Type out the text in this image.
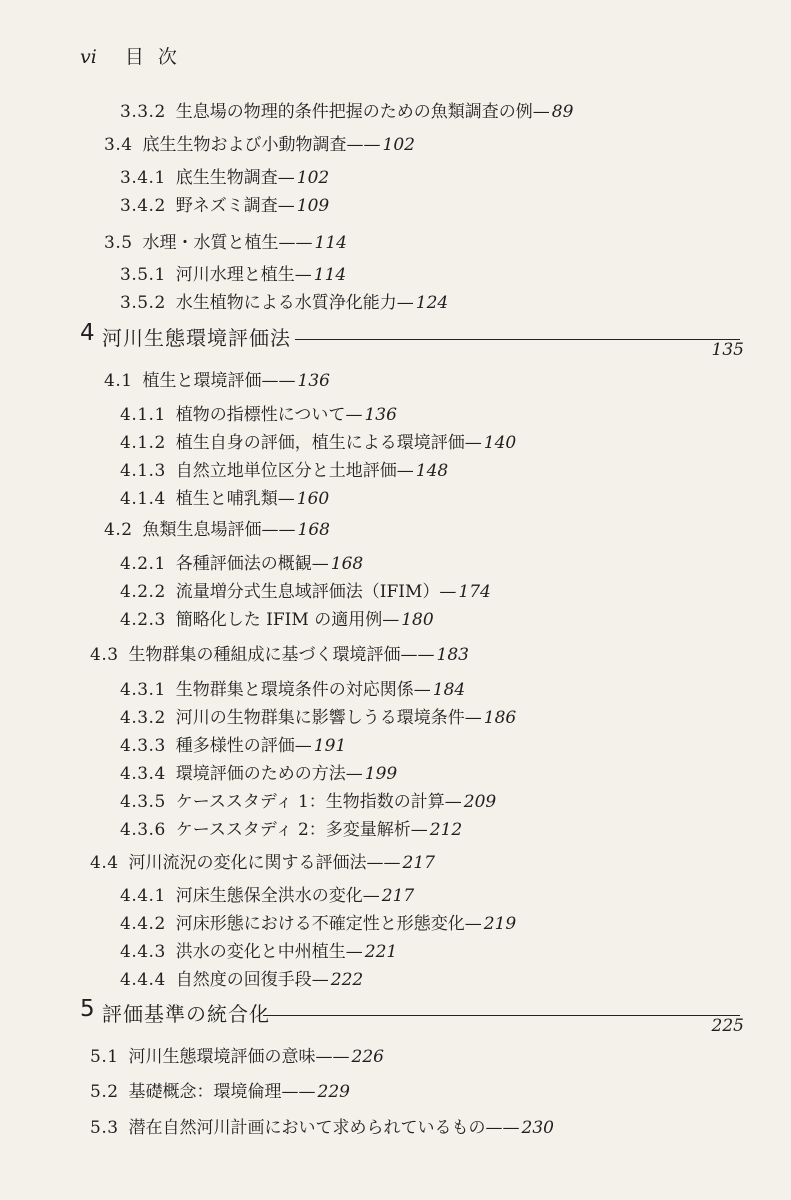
vi 目 次
3.3.2 生息場の物理的条件把握のための魚類調査の例 — 89
3.4 底生生物および小動物調査 —— 102
3.4.1 底生生物調査 — 102
3.4.2 野ネズミ調査 — 109
3.5 水理・水質と植生 —— 114
3.5.1 河川水理と植生 — 114
3.5.2 水生植物による水質浄化能力 — 124
4 河川生態環境評価法	135
4.1 植生と環境評価 —— 136
4.1.1 植物の指標性について — 136
4.1.2 植生自身の評価，植生による環境評価 — 140
4.1.3 自然立地単位区分と土地評価 — 148
4.1.4 植生と哺乳類 — 160
4.2 魚類生息場評価 —— 168
4.2.1 各種評価法の概観 — 168
4.2.2 流量増分式生息域評価法（IFIM） — 174
4.2.3 簡略化した IFIM の適用例 — 180
4.3 生物群集の種組成に基づく環境評価 —— 183
4.3.1 生物群集と環境条件の対応関係 — 184
4.3.2 河川の生物群集に影響しうる環境条件 — 186
4.3.3 種多様性の評価 — 191
4.3.4 環境評価のための方法 — 199
4.3.5 ケーススタディ 1：生物指数の計算 — 209
4.3.6 ケーススタディ 2：多変量解析 — 212
4.4 河川流況の変化に関する評価法 —— 217
4.4.1 河床生態保全洪水の変化 — 217
4.4.2 河床形態における不確定性と形態変化 — 219
4.4.3 洪水の変化と中州植生 — 221
4.4.4 自然度の回復手段 — 222
5 評価基準の統合化	225
5.1 河川生態環境評価の意味 —— 226
5.2 基礎概念：環境倫理 —— 229
5.3 潜在自然河川計画において求められているもの —— 230
